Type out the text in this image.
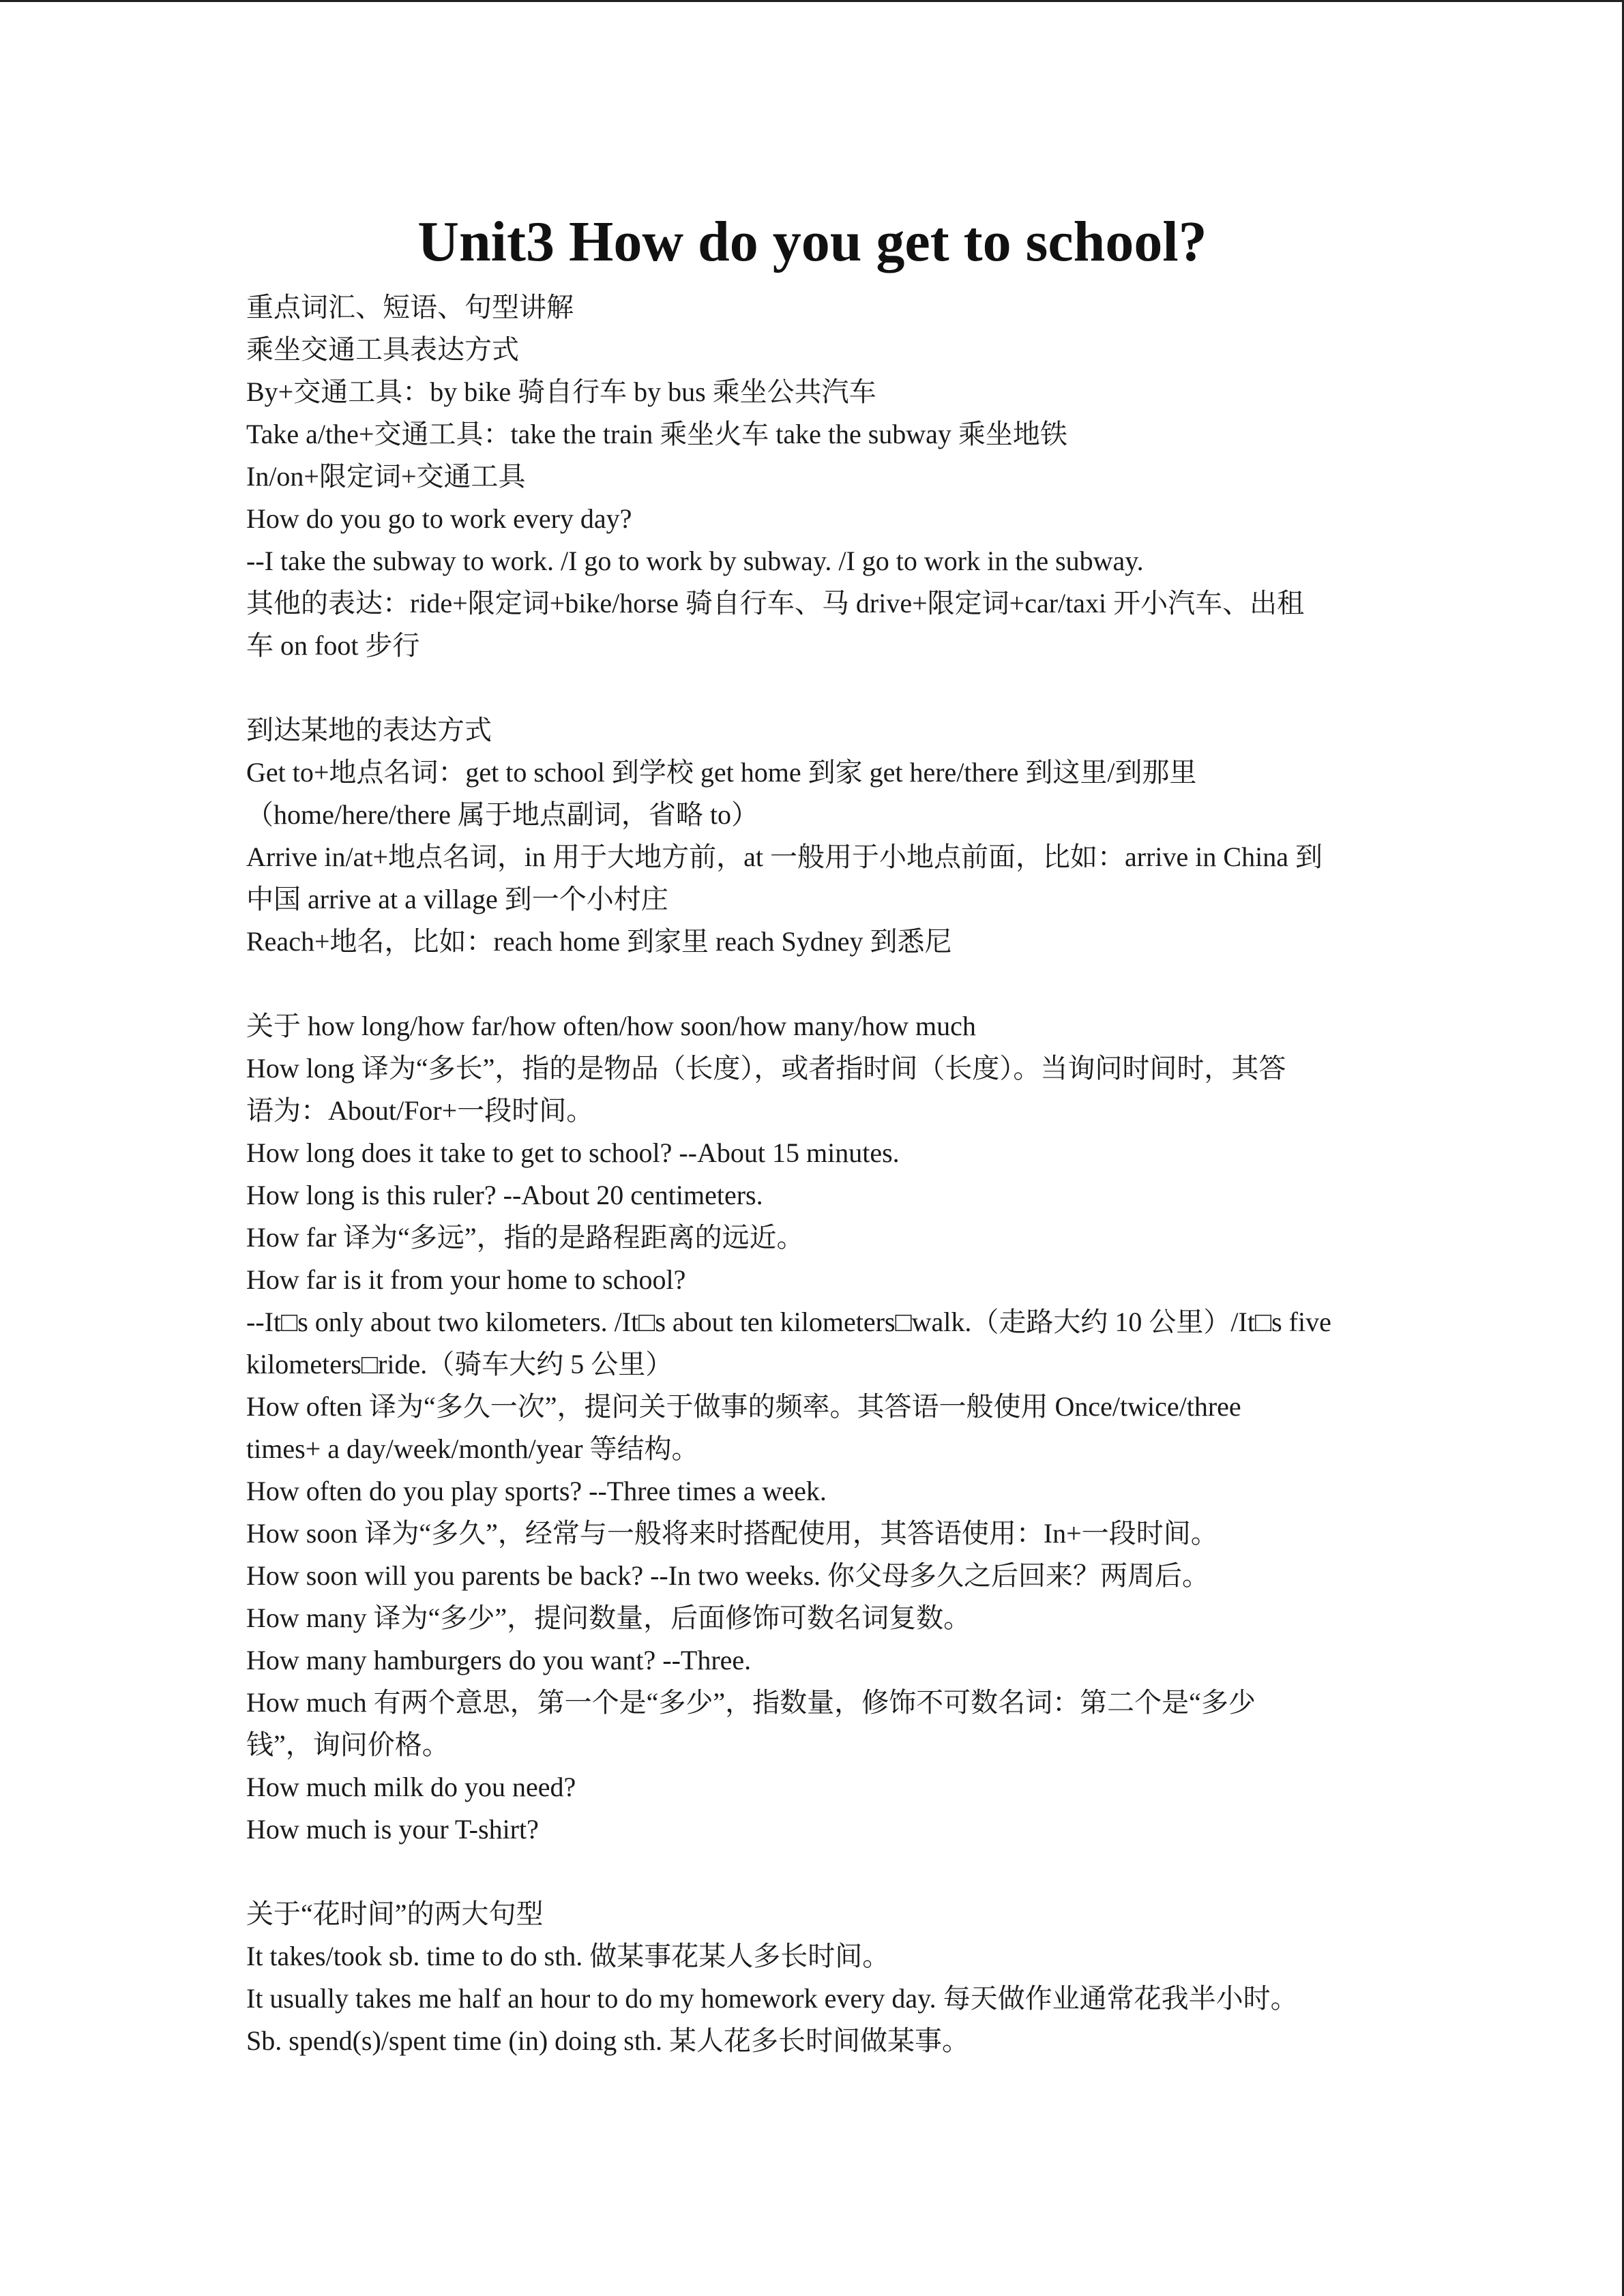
Unit3 How do you get to school?
重点词汇、短语、句型讲解
乘坐交通工具表达方式
By+交通工具：by bike 骑自行车 by bus 乘坐公共汽车
Take a/the+交通工具：take the train 乘坐火车 take the subway 乘坐地铁
In/on+限定词+交通工具
How do you go to work every day?
--I take the subway to work. /I go to work by subway. /I go to work in the subway.
其他的表达：ride+限定词+bike/horse 骑自行车、马 drive+限定词+car/taxi 开小汽车、出租
车 on foot 步行
到达某地的表达方式
Get to+地点名词：get to school 到学校 get home 到家 get here/there 到这里/到那里
（home/here/there 属于地点副词，省略 to）
Arrive in/at+地点名词，in 用于大地方前，at 一般用于小地点前面，比如：arrive in China 到
中国 arrive at a village 到一个小村庄
Reach+地名，比如：reach home 到家里 reach Sydney 到悉尼
关于 how long/how far/how often/how soon/how many/how much
How long 译为“多长”，指的是物品（长度），或者指时间（长度）。当询问时间时，其答
语为：About/For+一段时间。
How long does it take to get to school? --About 15 minutes.
How long is this ruler? --About 20 centimeters.
How far 译为“多远”，指的是路程距离的远近。
How far is it from your home to school?
--It□s only about two kilometers. /It□s about ten kilometers□walk.（走路大约 10 公里）/It□s five
kilometers□ride.（骑车大约 5 公里）
How often 译为“多久一次”，提问关于做事的频率。其答语一般使用 Once/twice/three
times+ a day/week/month/year 等结构。
How often do you play sports? --Three times a week.
How soon 译为“多久”，经常与一般将来时搭配使用，其答语使用：In+一段时间。
How soon will you parents be back? --In two weeks. 你父母多久之后回来？两周后。
How many 译为“多少”，提问数量，后面修饰可数名词复数。
How many hamburgers do you want? --Three.
How much 有两个意思，第一个是“多少”，指数量，修饰不可数名词：第二个是“多少
钱”，询问价格。
How much milk do you need?
How much is your T-shirt?
关于“花时间”的两大句型
It takes/took sb. time to do sth. 做某事花某人多长时间。
It usually takes me half an hour to do my homework every day. 每天做作业通常花我半小时。
Sb. spend(s)/spent time (in) doing sth. 某人花多长时间做某事。
